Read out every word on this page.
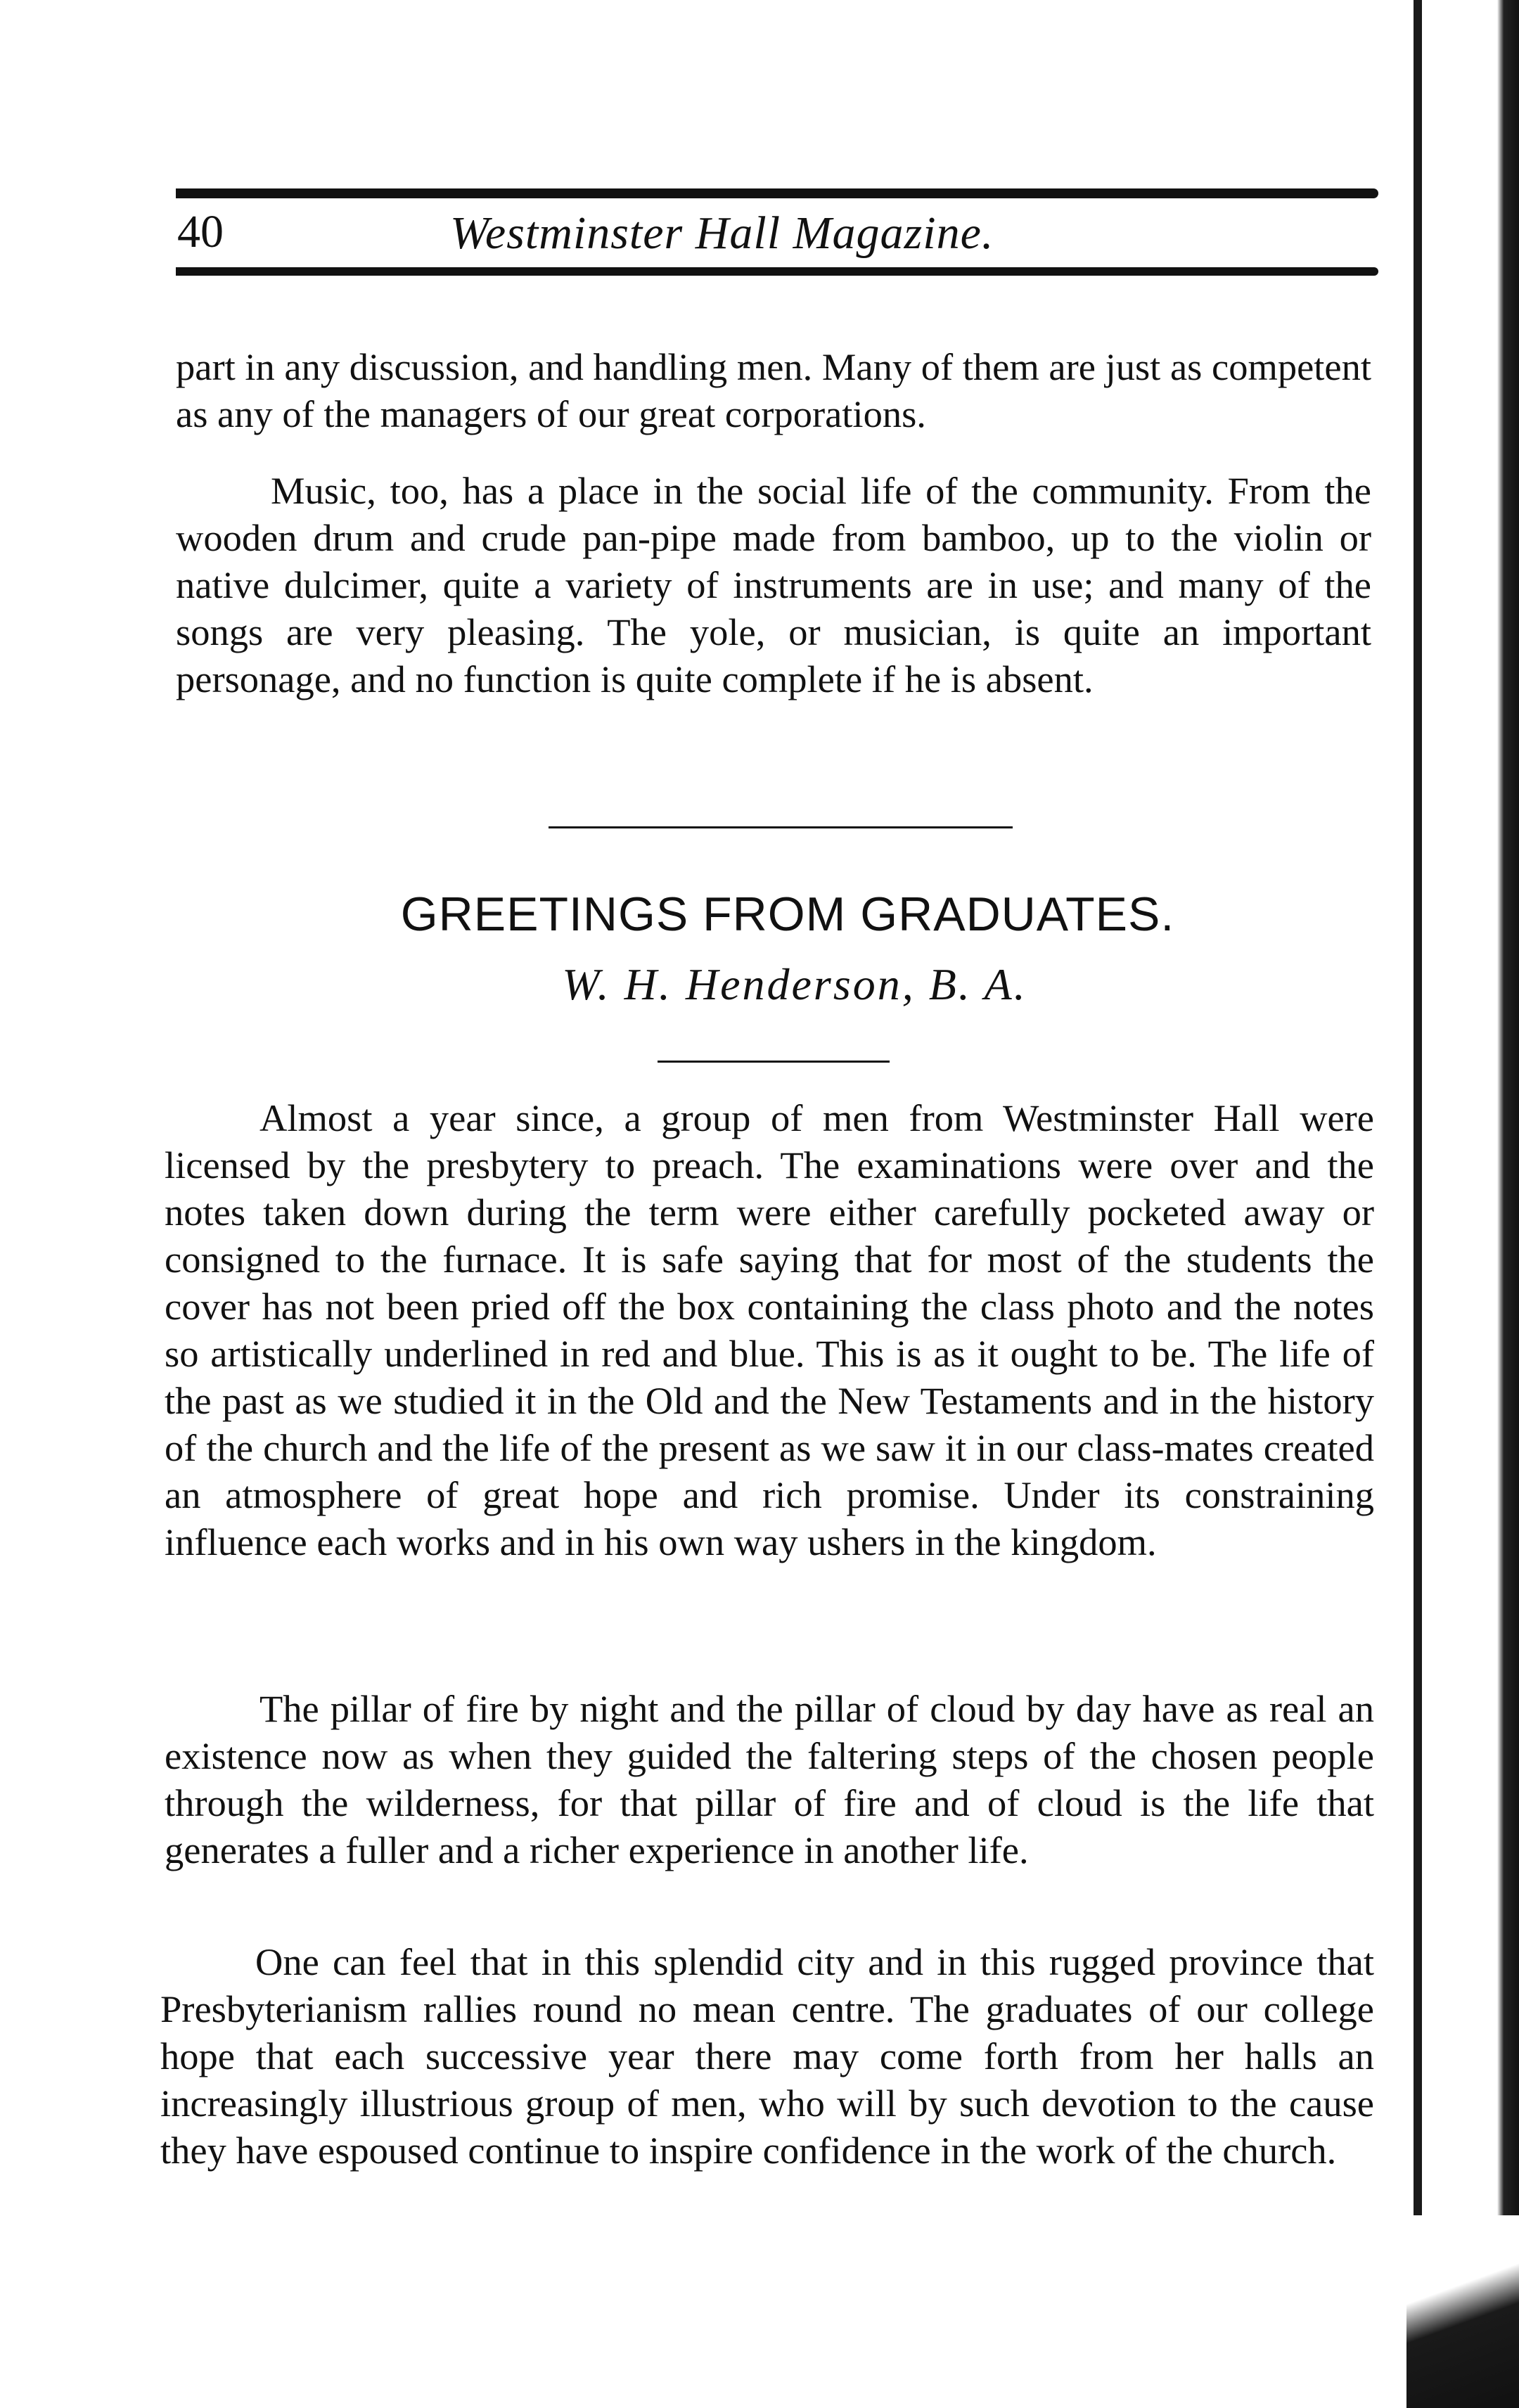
40	Westminster Hall Magazine.

part in any discussion, and handling men. Many of them are just as competent as any of the managers of our great corporations.

Music, too, has a place in the social life of the community. From the wooden drum and crude pan-pipe made from bamboo, up to the violin or native dulcimer, quite a variety of instruments are in use; and many of the songs are very pleasing. The yole, or musician, is quite an important personage, and no function is quite complete if he is absent.

GREETINGS FROM GRADUATES.
W. H. Henderson, B. A.

Almost a year since, a group of men from Westminster Hall were licensed by the presbytery to preach. The examinations were over and the notes taken down during the term were either carefully pocketed away or consigned to the furnace. It is safe saying that for most of the students the cover has not been pried off the box containing the class photo and the notes so artistically underlined in red and blue. This is as it ought to be. The life of the past as we studied it in the Old and the New Testaments and in the history of the church and the life of the present as we saw it in our class-mates created an atmosphere of great hope and rich promise. Under its constraining influence each works and in his own way ushers in the kingdom.

The pillar of fire by night and the pillar of cloud by day have as real an existence now as when they guided the faltering steps of the chosen people through the wilderness, for that pillar of fire and of cloud is the life that generates a fuller and a richer experience in another life.

One can feel that in this splendid city and in this rugged province that Presbyterianism rallies round no mean centre. The graduates of our college hope that each successive year there may come forth from her halls an increasingly illustrious group of men, who will by such devotion to the cause they have espoused continue to inspire confidence in the work of the church.
